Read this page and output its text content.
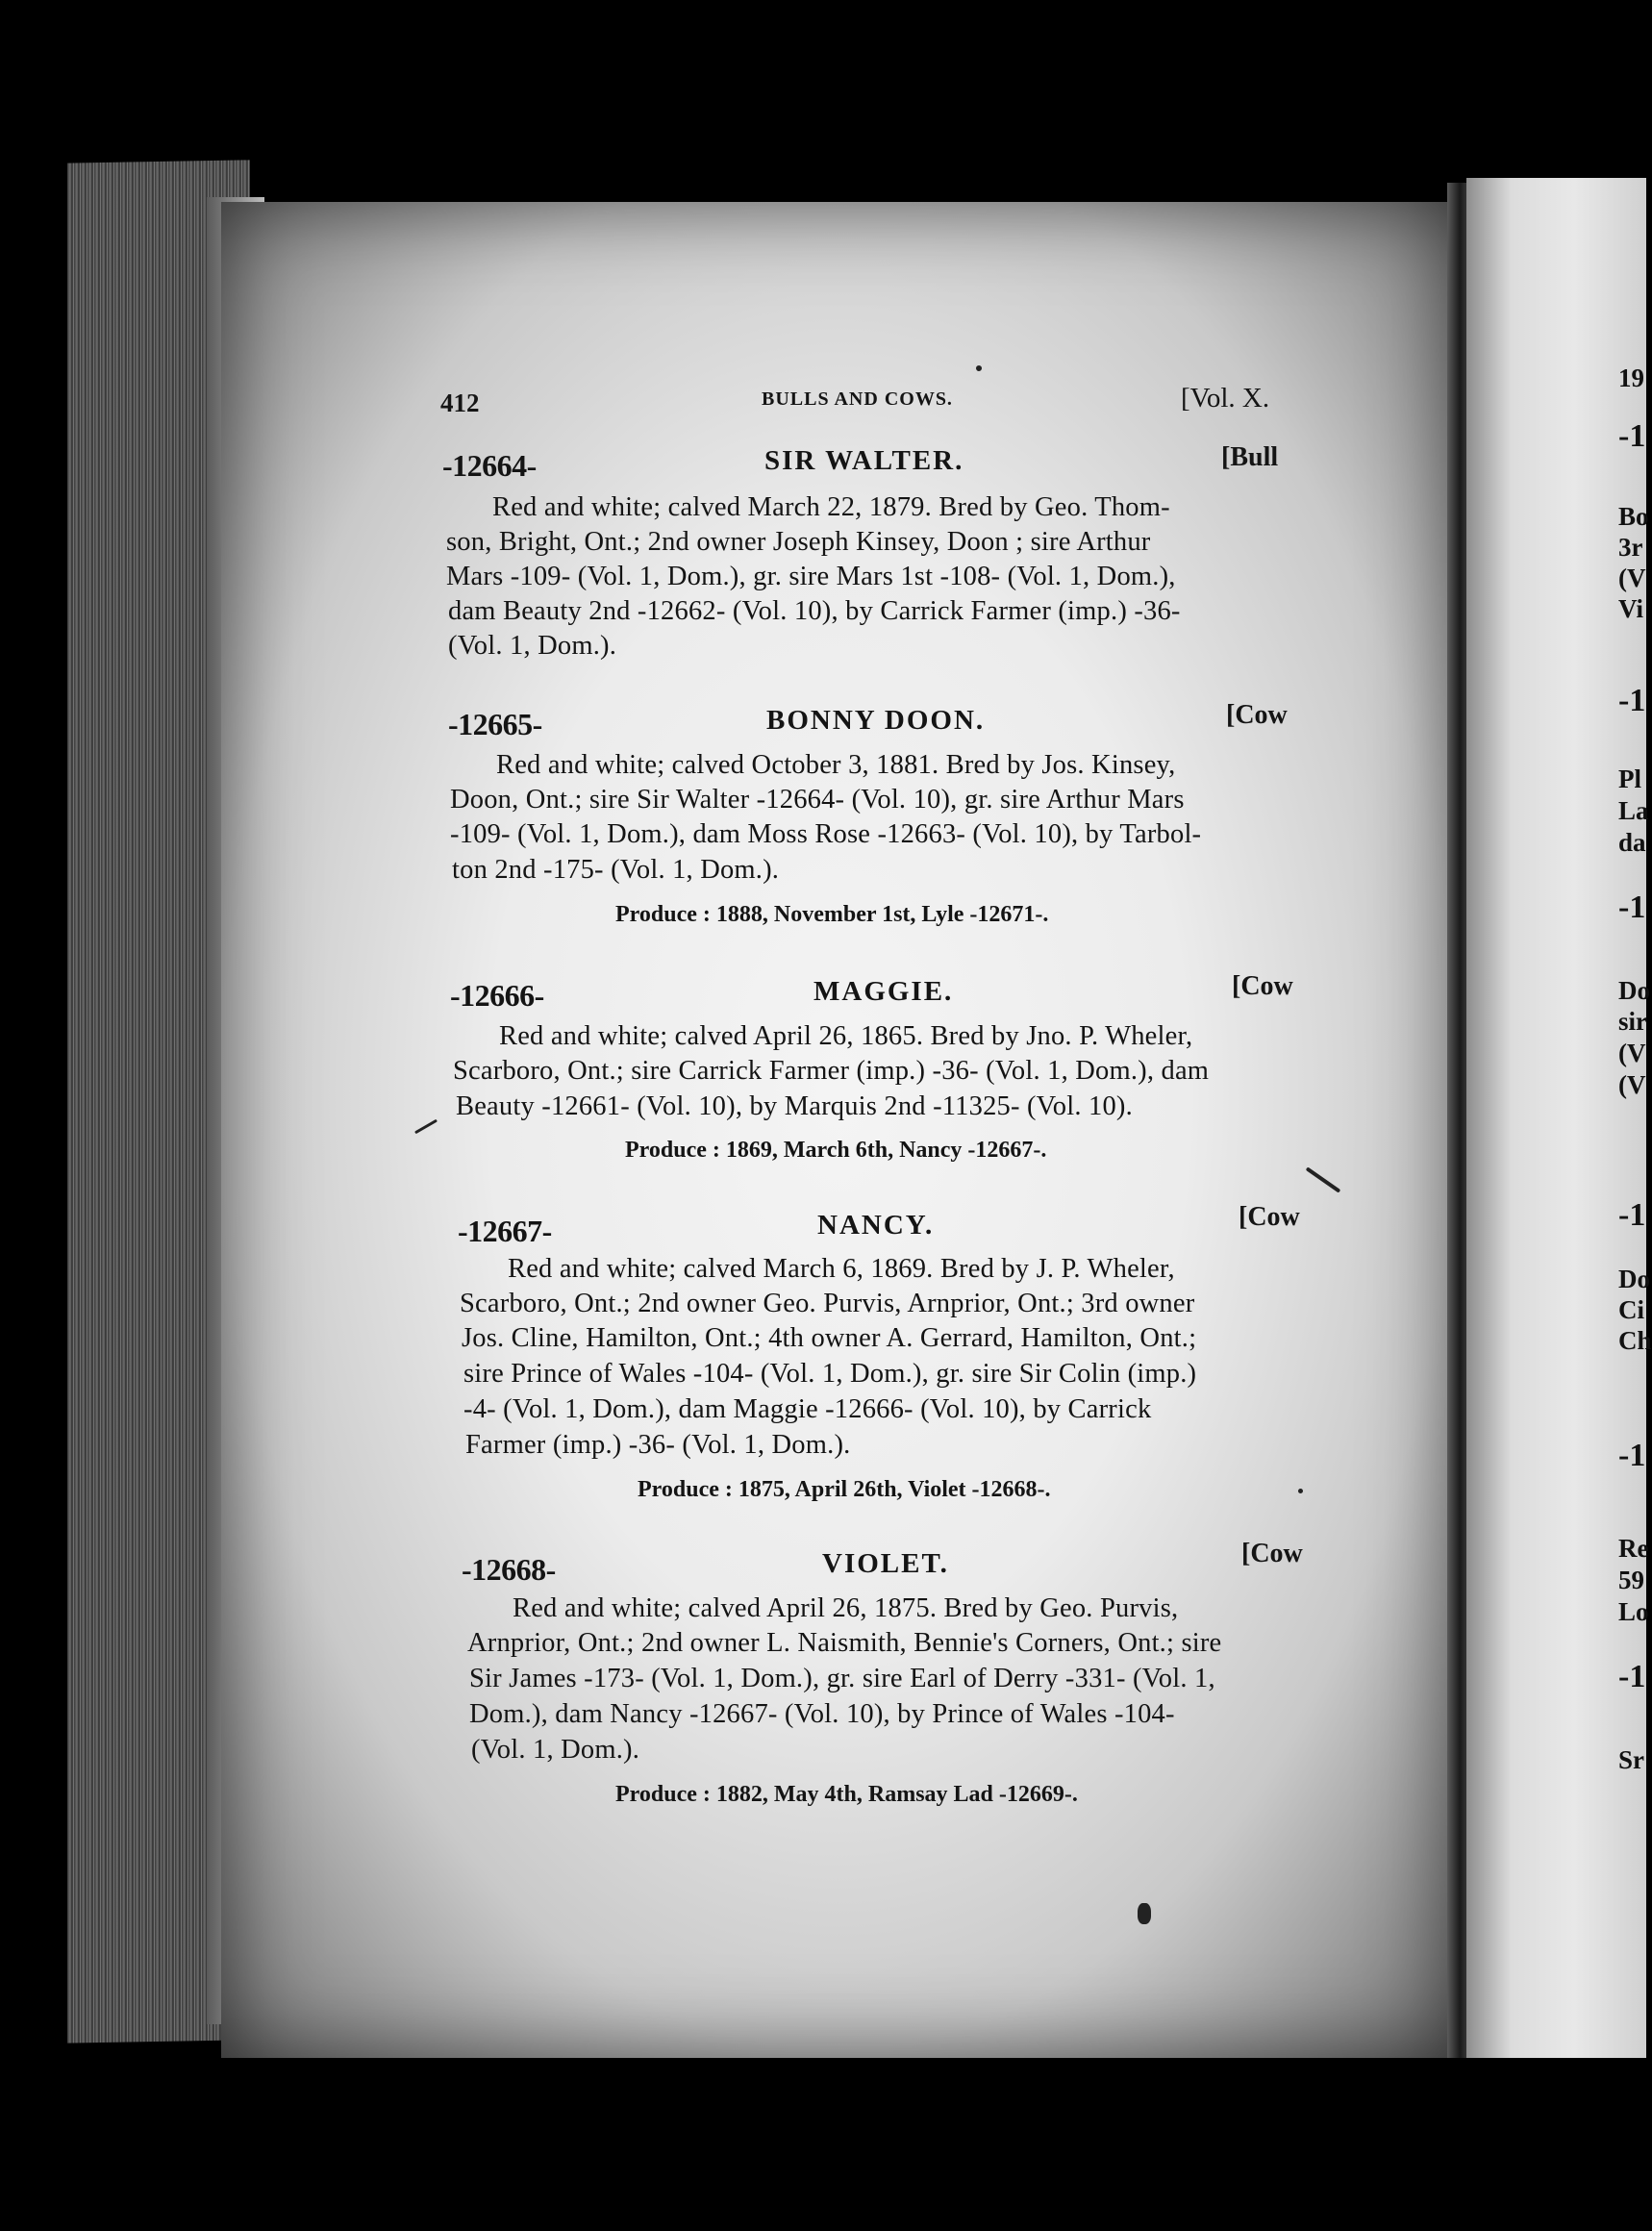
19
-1
Bo
3r
(V
Vi
-1
Pl
La
da
-1
Do
sir
(V
(V
-1
Do
Ci
Ch
-1
Re
59
Lo
-1
Sr
412	BULLS AND COWS.	[Vol. X.
-12664-	SIR WALTER.	[Bull
Red and white; calved March 22, 1879. Bred by Geo. Thom-
son, Bright, Ont.; 2nd owner Joseph Kinsey, Doon ; sire Arthur
Mars -109- (Vol. 1, Dom.), gr. sire Mars 1st -108- (Vol. 1, Dom.),
dam Beauty 2nd -12662- (Vol. 10), by Carrick Farmer (imp.) -36-
(Vol. 1, Dom.).
-12665-	BONNY DOON.	[Cow
Red and white; calved October 3, 1881. Bred by Jos. Kinsey,
Doon, Ont.; sire Sir Walter -12664- (Vol. 10), gr. sire Arthur Mars
-109- (Vol. 1, Dom.), dam Moss Rose -12663- (Vol. 10), by Tarbol-
ton 2nd -175- (Vol. 1, Dom.).
Produce : 1888, November 1st, Lyle -12671-.
-12666-	MAGGIE.	[Cow
Red and white; calved April 26, 1865. Bred by Jno. P. Wheler,
Scarboro, Ont.; sire Carrick Farmer (imp.) -36- (Vol. 1, Dom.), dam
Beauty -12661- (Vol. 10), by Marquis 2nd -11325- (Vol. 10).
Produce : 1869, March 6th, Nancy -12667-.
-12667-	NANCY.	[Cow
Red and white; calved March 6, 1869. Bred by J. P. Wheler,
Scarboro, Ont.; 2nd owner Geo. Purvis, Arnprior, Ont.; 3rd owner
Jos. Cline, Hamilton, Ont.; 4th owner A. Gerrard, Hamilton, Ont.;
sire Prince of Wales -104- (Vol. 1, Dom.), gr. sire Sir Colin (imp.)
-4- (Vol. 1, Dom.), dam Maggie -12666- (Vol. 10), by Carrick
Farmer (imp.) -36- (Vol. 1, Dom.).
Produce : 1875, April 26th, Violet -12668-.
-12668-	VIOLET.	[Cow
Red and white; calved April 26, 1875. Bred by Geo. Purvis,
Arnprior, Ont.; 2nd owner L. Naismith, Bennie's Corners, Ont.; sire
Sir James -173- (Vol. 1, Dom.), gr. sire Earl of Derry -331- (Vol. 1,
Dom.), dam Nancy -12667- (Vol. 10), by Prince of Wales -104-
(Vol. 1, Dom.).
Produce : 1882, May 4th, Ramsay Lad -12669-.
